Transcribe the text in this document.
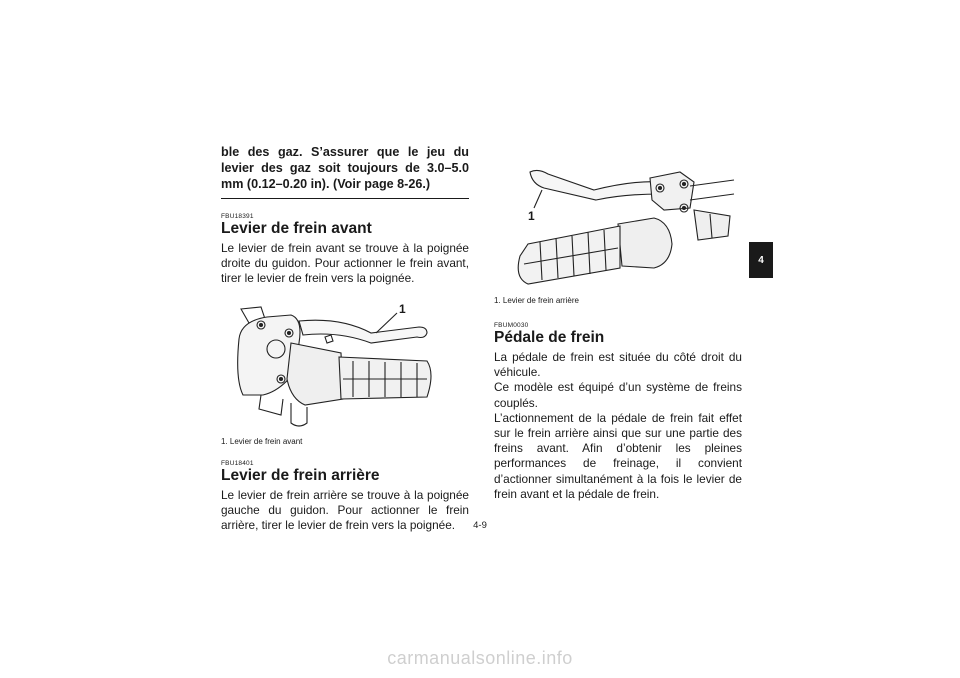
ble des gaz. S’assurer que le jeu du levier des gaz soit toujours de 3.0–5.0 mm (0.12–0.20 in). (Voir page 8-26.)

FBU18391

Levier de frein avant

Le levier de frein avant se trouve à la poignée droite du guidon. Pour actionner le frein avant, tirer le levier de frein vers la poignée.

1

1. Levier de frein avant

FBU18401

Levier de frein arrière

Le levier de frein arrière se trouve à la poignée gauche du guidon. Pour actionner le frein arrière, tirer le levier de frein vers la poignée.

1

1. Levier de frein arrière

FBUM0030

Pédale de frein

La pédale de frein est située du côté droit du véhicule.

Ce modèle est équipé d’un système de freins couplés.

L’actionnement de la pédale de frein fait effet sur le frein arrière ainsi que sur une partie des freins avant. Afin d’obtenir les pleines performances de freinage, il convient d’actionner simultanément à la fois le levier de frein avant et la pédale de frein.

4
4-9
carmanualsonline.info
